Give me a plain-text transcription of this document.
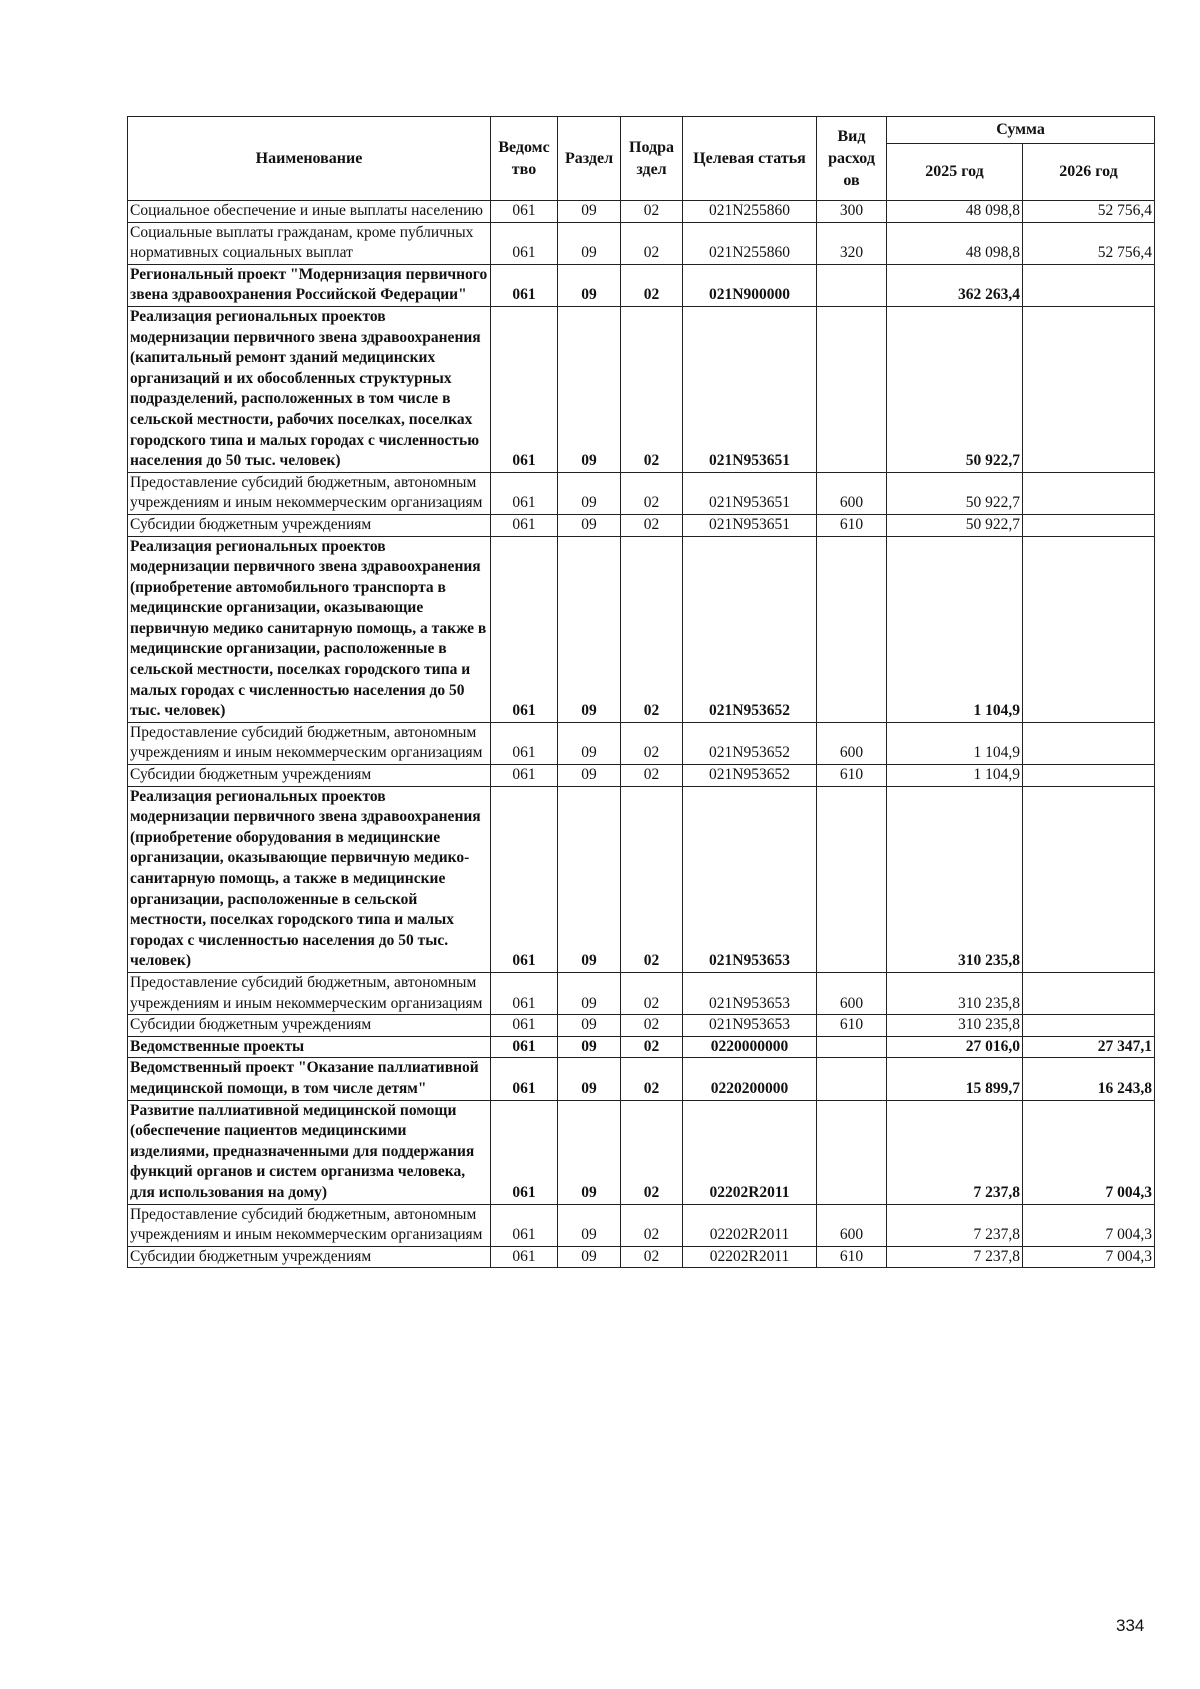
Наименование	Ведомс тво	Раздел	Подра здел	Целевая статья	Вид расход ов	Сумма	
						2025 год	2026 год
Социальное обеспечение и иные выплаты населению	061	09	02	021N255860	300	48 098,8	52 756,4
Социальные выплаты гражданам, кроме публичных нормативных социальных выплат	061	09	02	021N255860	320	48 098,8	52 756,4
Региональный проект "Модернизация первичного звена здравоохранения Российской Федерации"	061	09	02	021N900000		362 263,4	
Реализация региональных проектов модернизации первичного звена здравоохранения (капитальный ремонт зданий медицинских организаций и их обособленных структурных подразделений, расположенных в том числе в сельской местности, рабочих поселках, поселках городского типа и малых городах с численностью населения до 50 тыс. человек)	061	09	02	021N953651		50 922,7	
Предоставление субсидий бюджетным, автономным учреждениям и иным некоммерческим организациям	061	09	02	021N953651	600	50 922,7	
Субсидии бюджетным учреждениям	061	09	02	021N953651	610	50 922,7	
Реализация региональных проектов модернизации первичного звена здравоохранения (приобретение автомобильного транспорта в медицинские организации, оказывающие первичную медико санитарную помощь, а также в медицинские организации, расположенные в сельской местности, поселках городского типа и малых городах с численностью населения до 50 тыс. человек)	061	09	02	021N953652		1 104,9	
Предоставление субсидий бюджетным, автономным учреждениям и иным некоммерческим организациям	061	09	02	021N953652	600	1 104,9	
Субсидии бюджетным учреждениям	061	09	02	021N953652	610	1 104,9	
Реализация региональных проектов модернизации первичного звена здравоохранения (приобретение оборудования в медицинские организации, оказывающие первичную медико-санитарную помощь, а также в медицинские организации, расположенные в сельской местности, поселках городского типа и малых городах с численностью населения до 50 тыс. человек)	061	09	02	021N953653		310 235,8	
Предоставление субсидий бюджетным, автономным учреждениям и иным некоммерческим организациям	061	09	02	021N953653	600	310 235,8	
Субсидии бюджетным учреждениям	061	09	02	021N953653	610	310 235,8	
Ведомственные проекты	061	09	02	0220000000		27 016,0	27 347,1
Ведомственный проект "Оказание паллиативной медицинской помощи, в том числе детям"	061	09	02	0220200000		15 899,7	16 243,8
Развитие паллиативной медицинской помощи (обеспечение пациентов медицинскими изделиями, предназначенными для поддержания функций органов и систем организма человека, для использования на дому)	061	09	02	02202R2011		7 237,8	7 004,3
Предоставление субсидий бюджетным, автономным учреждениям и иным некоммерческим организациям	061	09	02	02202R2011	600	7 237,8	7 004,3
Субсидии бюджетным учреждениям	061	09	02	02202R2011	610	7 237,8	7 004,3
334
